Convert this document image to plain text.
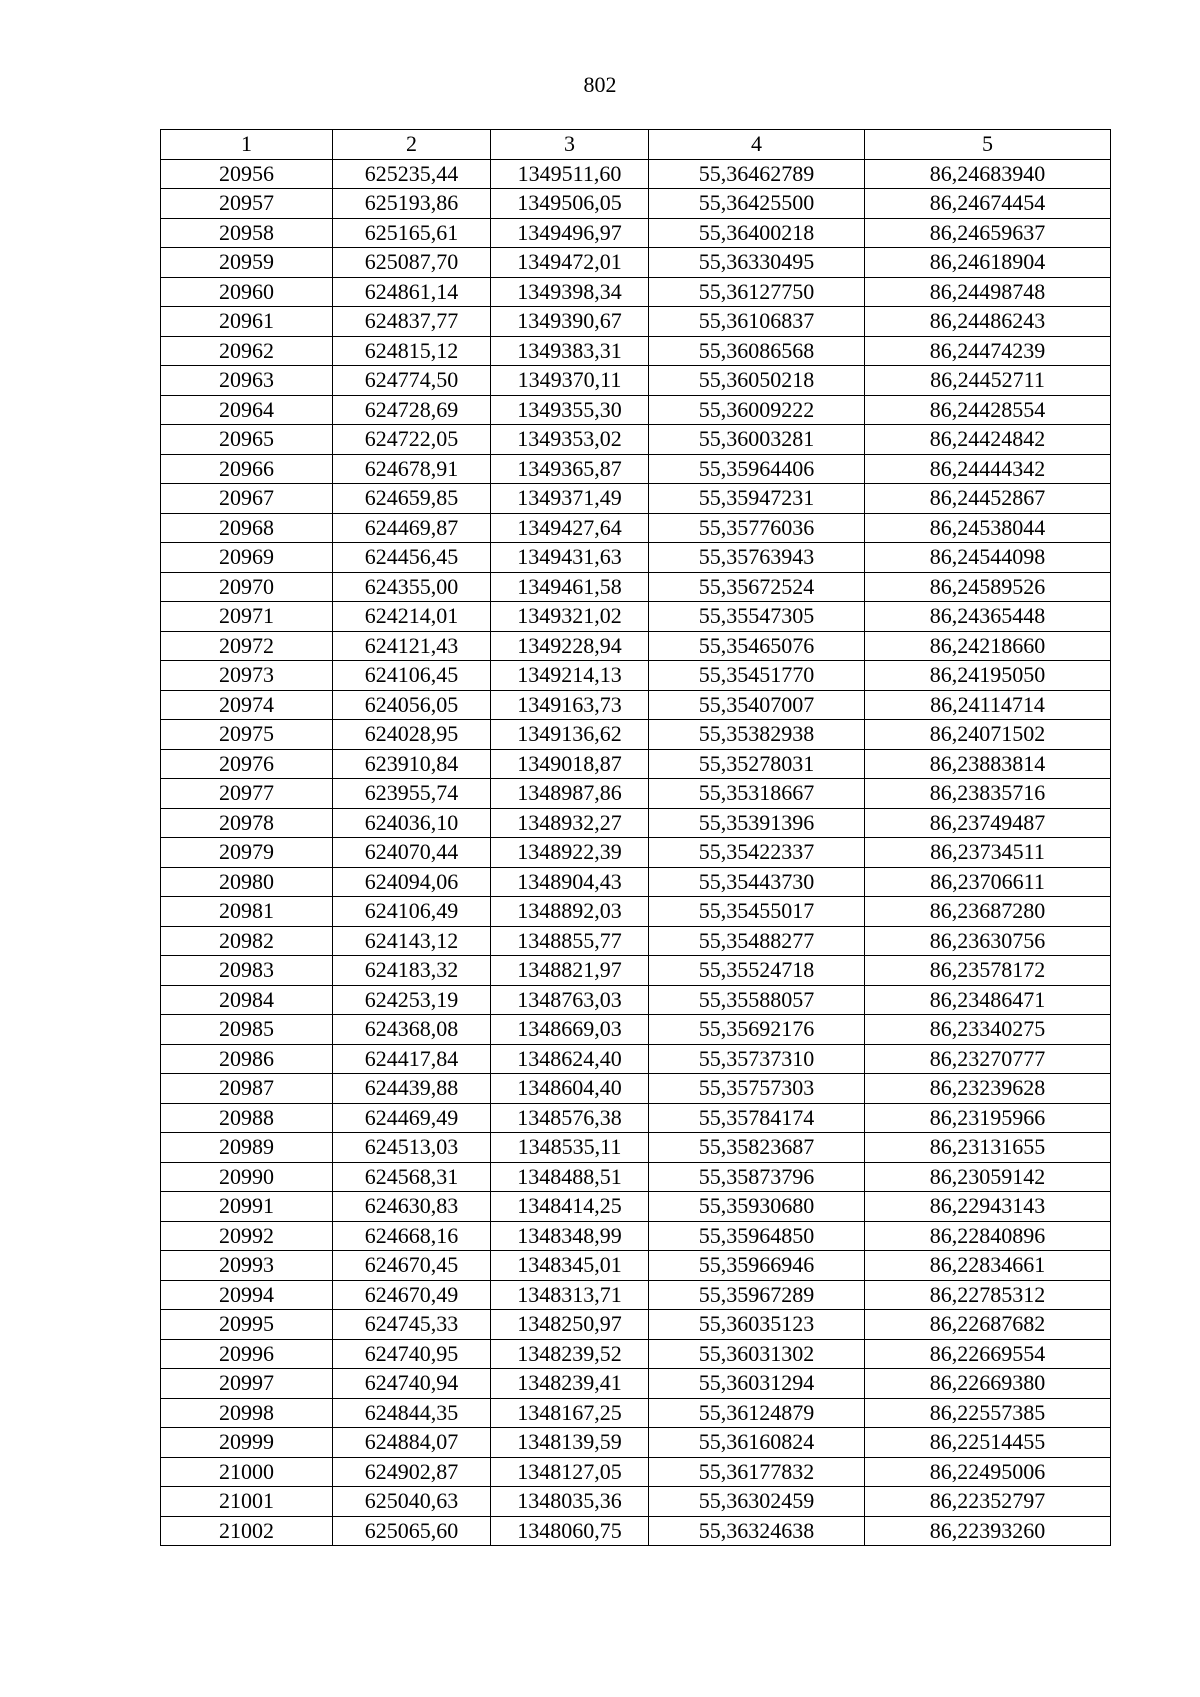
802
1	2	3	4	5
20956	625235,44	1349511,60	55,36462789	86,24683940
20957	625193,86	1349506,05	55,36425500	86,24674454
20958	625165,61	1349496,97	55,36400218	86,24659637
20959	625087,70	1349472,01	55,36330495	86,24618904
20960	624861,14	1349398,34	55,36127750	86,24498748
20961	624837,77	1349390,67	55,36106837	86,24486243
20962	624815,12	1349383,31	55,36086568	86,24474239
20963	624774,50	1349370,11	55,36050218	86,24452711
20964	624728,69	1349355,30	55,36009222	86,24428554
20965	624722,05	1349353,02	55,36003281	86,24424842
20966	624678,91	1349365,87	55,35964406	86,24444342
20967	624659,85	1349371,49	55,35947231	86,24452867
20968	624469,87	1349427,64	55,35776036	86,24538044
20969	624456,45	1349431,63	55,35763943	86,24544098
20970	624355,00	1349461,58	55,35672524	86,24589526
20971	624214,01	1349321,02	55,35547305	86,24365448
20972	624121,43	1349228,94	55,35465076	86,24218660
20973	624106,45	1349214,13	55,35451770	86,24195050
20974	624056,05	1349163,73	55,35407007	86,24114714
20975	624028,95	1349136,62	55,35382938	86,24071502
20976	623910,84	1349018,87	55,35278031	86,23883814
20977	623955,74	1348987,86	55,35318667	86,23835716
20978	624036,10	1348932,27	55,35391396	86,23749487
20979	624070,44	1348922,39	55,35422337	86,23734511
20980	624094,06	1348904,43	55,35443730	86,23706611
20981	624106,49	1348892,03	55,35455017	86,23687280
20982	624143,12	1348855,77	55,35488277	86,23630756
20983	624183,32	1348821,97	55,35524718	86,23578172
20984	624253,19	1348763,03	55,35588057	86,23486471
20985	624368,08	1348669,03	55,35692176	86,23340275
20986	624417,84	1348624,40	55,35737310	86,23270777
20987	624439,88	1348604,40	55,35757303	86,23239628
20988	624469,49	1348576,38	55,35784174	86,23195966
20989	624513,03	1348535,11	55,35823687	86,23131655
20990	624568,31	1348488,51	55,35873796	86,23059142
20991	624630,83	1348414,25	55,35930680	86,22943143
20992	624668,16	1348348,99	55,35964850	86,22840896
20993	624670,45	1348345,01	55,35966946	86,22834661
20994	624670,49	1348313,71	55,35967289	86,22785312
20995	624745,33	1348250,97	55,36035123	86,22687682
20996	624740,95	1348239,52	55,36031302	86,22669554
20997	624740,94	1348239,41	55,36031294	86,22669380
20998	624844,35	1348167,25	55,36124879	86,22557385
20999	624884,07	1348139,59	55,36160824	86,22514455
21000	624902,87	1348127,05	55,36177832	86,22495006
21001	625040,63	1348035,36	55,36302459	86,22352797
21002	625065,60	1348060,75	55,36324638	86,22393260
